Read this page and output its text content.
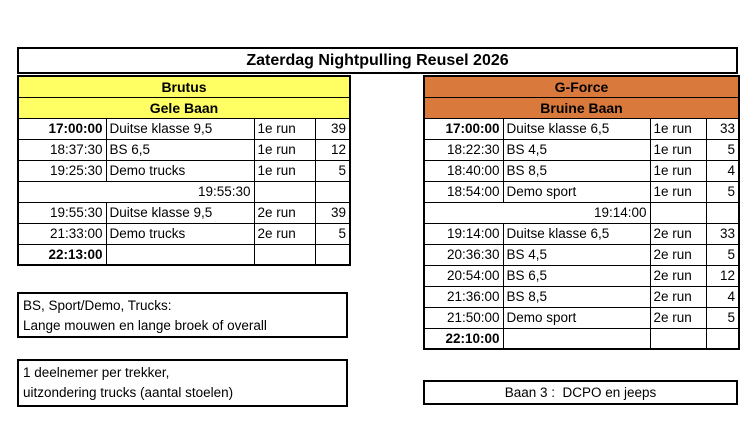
Zaterdag Nightpulling Reusel 2026
Brutus			
Gele Baan			
17:00:00	Duitse klasse 9,5	1e run	39
18:37:30	BS 6,5	1e run	12
19:25:30	Demo trucks	1e run	5
19:55:30			
19:55:30	Duitse klasse 9,5	2e run	39
21:33:00	Demo trucks	2e run	5
22:13:00			
G-Force			
Bruine Baan			
17:00:00	Duitse klasse 6,5	1e run	33
18:22:30	BS 4,5	1e run	5
18:40:00	BS 8,5	1e run	4
18:54:00	Demo sport	1e run	5
19:14:00			
19:14:00	Duitse klasse 6,5	2e run	33
20:36:30	BS 4,5	2e run	5
20:54:00	BS 6,5	2e run	12
21:36:00	BS 8,5	2e run	4
21:50:00	Demo sport	2e run	5
22:10:00			
BS, Sport/Demo, Trucks:
Lange mouwen en lange broek of overall
1 deelnemer per trekker,
uitzondering trucks (aantal stoelen)	Baan 3 :  DCPO en jeeps
